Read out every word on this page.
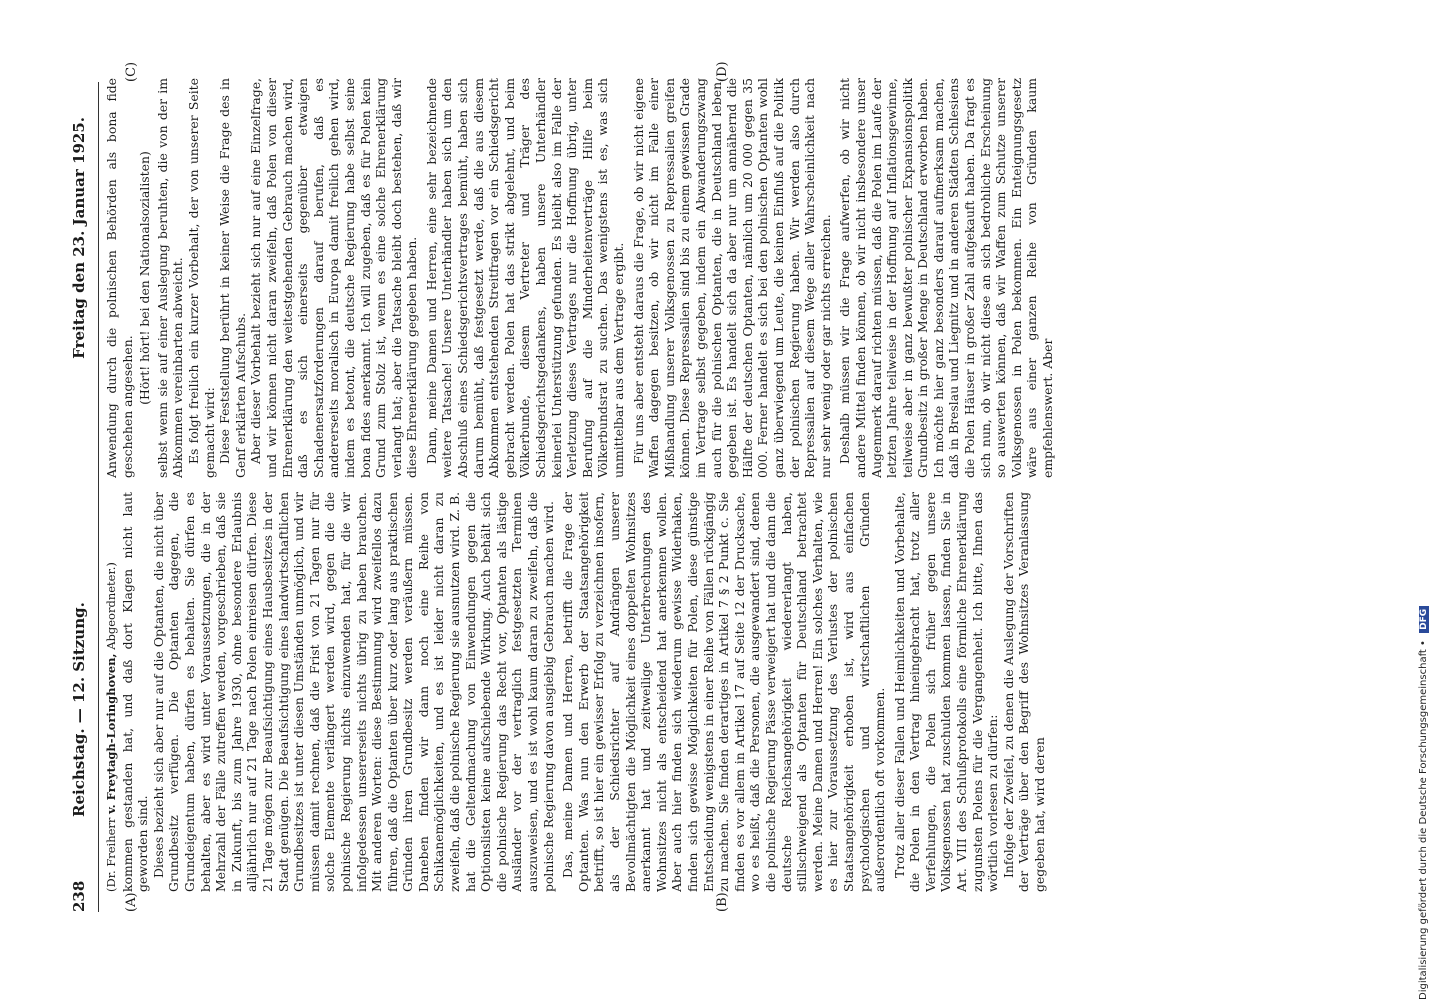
238
Reichstag. — 12. Sitzung.
Freitag den 23. Januar 1925.
(A)	(B)
(C)	(D)

(Dr. Freiherr v. Freytagh-Loringhoven, Abgeordneter.) kommen gestanden hat, und daß dort Klagen nicht laut geworden sind. Dieses bezieht sich aber nur auf die Optanten, die nicht über Grundbesitz verfügen. Die Optanten dagegen, die Grundeigentum haben, dürfen es behalten. Sie dürfen es behalten, aber es wird unter Voraussetzungen, die in der Mehrzahl der Fälle zutreffen werden, vorgeschrieben, daß sie in Zukunft, bis zum Jahre 1930, ohne besondere Erlaubnis alljährlich nur auf 21 Tage nach Polen einreisen dürfen. Diese 21 Tage mögen zur Beaufsichtigung eines Hausbesitzes in der Stadt genügen. Die Beaufsichtigung eines landwirtschaftlichen Grundbesitzes ist unter diesen Umständen unmöglich, und wir müssen damit rechnen, daß die Frist von 21 Tagen nur für solche Elemente verlängert werden wird, gegen die die polnische Regierung nichts einzuwenden hat, für die wir infolgedessen unsererseits nichts übrig zu haben brauchen. Mit anderen Worten: diese Bestimmung wird zweifellos dazu führen, daß die Optanten über kurz oder lang aus praktischen Gründen ihren Grundbesitz werden veräußern müssen. Daneben finden wir dann noch eine Reihe von Schikanemöglichkeiten, und es ist leider nicht daran zu zweifeln, daß die polnische Regierung sie ausnutzen wird. Z. B. hat die Geltendmachung von Einwendungen gegen die Optionslisten keine aufschiebende Wirkung. Auch behält sich die polnische Regierung das Recht vor, Optanten als lästige Ausländer vor der vertraglich festgesetzten Terminen auszuweisen, und es ist wohl kaum daran zu zweifeln, daß die polnische Regierung davon ausgiebig Gebrauch machen wird. Das, meine Damen und Herren, betrifft die Frage der Optanten. Was nun den Erwerb der Staatsangehörigkeit betrifft, so ist hier ein gewisser Erfolg zu verzeichnen insofern, als der Schiedsrichter auf Andrängen unserer Bevollmächtigten die Möglichkeit eines doppelten Wohnsitzes anerkannt hat und zeitweilige Unterbrechungen des Wohnsitzes nicht als entscheidend hat anerkennen wollen. Aber auch hier finden sich wiederum gewisse Widerhaken, finden sich gewisse Möglichkeiten für Polen, diese günstige Entscheidung wenigstens in einer Reihe von Fällen rückgängig zu machen. Sie finden derartiges in Artikel 7 § 2 Punkt c. Sie finden es vor allem in Artikel 17 auf Seite 12 der Drucksache, wo es heißt, daß die Personen, die ausgewandert sind, denen die polnische Regierung Pässe verweigert hat und die dann die deutsche Reichsangehörigkeit wiedererlangt haben, stillschweigend als Optanten für Deutschland betrachtet werden. Meine Damen und Herren! Ein solches Verhalten, wie es hier zur Voraussetzung des Verlustes der polnischen Staatsangehörigkeit erhoben ist, wird aus einfachen psychologischen und wirtschaftlichen Gründen außerordentlich oft vorkommen. Trotz aller dieser Fallen und Heimlichkeiten und Vorbehalte, die Polen in den Vertrag hineingebracht hat, trotz aller Verfehlungen, die Polen sich früher gegen unsere Volksgenossen hat zuschulden kommen lassen, finden Sie in Art. VIII des Schlußprotokolls eine förmliche Ehrenerklärung zugunsten Polens für die Vergangenheit. Ich bitte, Ihnen das wörtlich vorlesen zu dürfen: Infolge der Zweifel, zu denen die Auslegung der Vorschriften der Verträge über den Begriff des Wohnsitzes Veranlassung gegeben hat, wird deren

Anwendung durch die polnischen Behörden als bona fide geschehen angesehen.

(Hört! hört! bei den Nationalsozialisten) selbst wenn sie auf einer Auslegung beruhten, die von der im Abkommen vereinbarten abweicht. Es folgt freilich ein kurzer Vorbehalt, der von unserer Seite gemacht wird: Diese Feststellung berührt in keiner Weise die Frage des in Genf erklärten Aufschubs. Aber dieser Vorbehalt bezieht sich nur auf eine Einzelfrage, und wir können nicht daran zweifeln, daß Polen von dieser Ehrenerklärung den weitestgehenden Gebrauch machen wird, daß es sich einerseits gegenüber etwaigen Schadenersatzforderungen darauf berufen, daß es andererseits moralisch in Europa damit freilich gehen wird, indem es betont, die deutsche Regierung habe selbst seine bona fides anerkannt. Ich will zugeben, daß es für Polen kein Grund zum Stolz ist, wenn es eine solche Ehrenerklärung verlangt hat; aber die Tatsache bleibt doch bestehen, daß wir diese Ehrenerklärung gegeben haben. Dann, meine Damen und Herren, eine sehr bezeichnende weitere Tatsache! Unsere Unterhändler haben sich um den Abschluß eines Schiedsgerichtsvertrages bemüht, haben sich darum bemüht, daß festgesetzt werde, daß die aus diesem Abkommen entstehenden Streitfragen vor ein Schiedsgericht gebracht werden. Polen hat das strikt abgelehnt, und beim Völkerbunde, diesem Vertreter und Träger des Schiedsgerichtsgedankens, haben unsere Unterhändler keinerlei Unterstützung gefunden. Es bleibt also im Falle der Verletzung dieses Vertrages nur die Hoffnung übrig, unter Berufung auf die Minderheitenverträge Hilfe beim Völkerbundsrat zu suchen. Das wenigstens ist es, was sich unmittelbar aus dem Vertrage ergibt. Für uns aber entsteht daraus die Frage, ob wir nicht eigene Waffen dagegen besitzen, ob wir nicht im Falle einer Mißhandlung unserer Volksgenossen zu Repressalien greifen können. Diese Repressalien sind bis zu einem gewissen Grade im Vertrage selbst gegeben, indem ein Abwanderungszwang auch für die polnischen Optanten, die in Deutschland leben, gegeben ist. Es handelt sich da aber nur um annähernd die Hälfte der deutschen Optanten, nämlich um 20 000 gegen 35 000. Ferner handelt es sich bei den polnischen Optanten wohl ganz überwiegend um Leute, die keinen Einfluß auf die Politik der polnischen Regierung haben. Wir werden also durch Repressalien auf diesem Wege aller Wahrscheinlichkeit nach nur sehr wenig oder gar nichts erreichen. Deshalb müssen wir die Frage aufwerfen, ob wir nicht andere Mittel finden können, ob wir nicht insbesondere unser Augenmerk darauf richten müssen, daß die Polen im Laufe der letzten Jahre teilweise in der Hoffnung auf Inflationsgewinne, teilweise aber in ganz bewußter polnischer Expansionspolitik Grundbesitz in großer Menge in Deutschland erworben haben. Ich möchte hier ganz besonders darauf aufmerksam machen, daß in Breslau und Liegnitz und in anderen Städten Schlesiens die Polen Häuser in großer Zahl aufgekauft haben. Da fragt es sich nun, ob wir nicht diese an sich bedrohliche Erscheinung so auswerten können, daß wir Waffen zum Schutze unserer Volksgenossen in Polen bekommen. Ein Enteignungsgesetz wäre aus einer ganzen Reihe von Gründen kaum empfehlenswert. Aber

Digitalisierung gefördert durch die Deutsche Forschungsgemeinschaft • DFG
